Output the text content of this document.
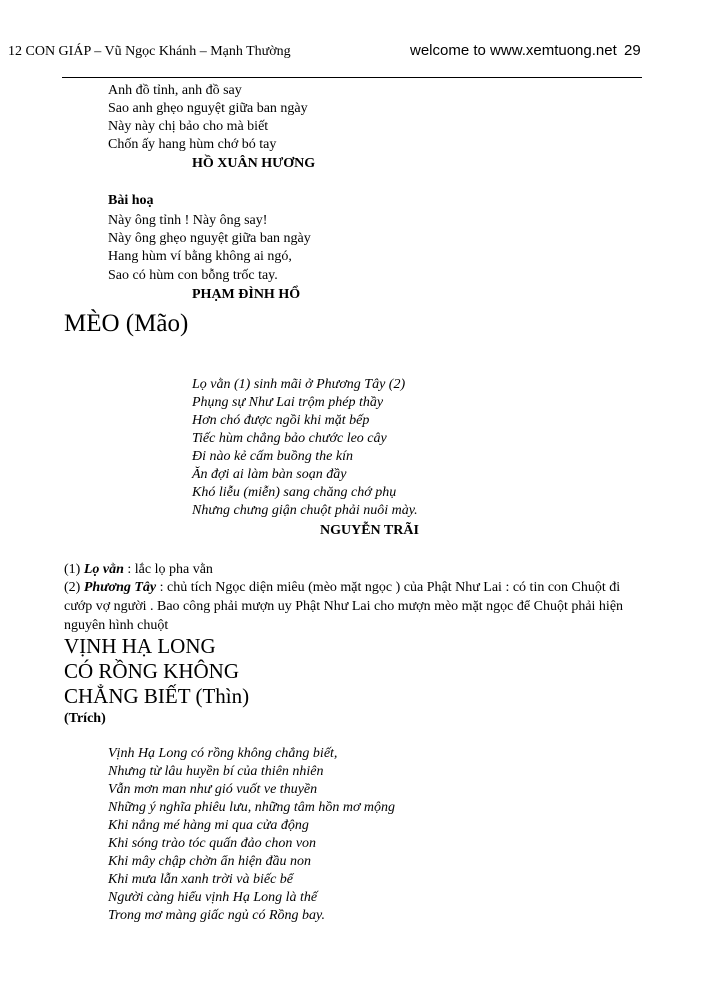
12 CON GIÁP – Vũ Ngọc Khánh – Mạnh Thường	welcome to www.xemtuong.net 29
Anh đồ tỉnh, anh đồ say
Sao anh ghẹo nguyệt giữa ban ngày
Này này chị bảo cho mà biết
Chốn ấy hang hùm chớ bó tay
HỒ XUÂN HƯƠNG
Bài hoạ
Này ông tỉnh ! Này ông say!
Này ông ghẹo nguyệt giữa ban ngày
Hang hùm ví bằng không ai ngó,
Sao có hùm con bỗng trốc tay.
PHẠM ĐÌNH HỔ
MÈO (Mão)
Lọ vằn (1) sinh mãi ở Phương Tây (2)
Phụng sự Như Lai trộm phép thầy
Hơn chó được ngồi khi mặt bếp
Tiếc hùm chẳng bảo chước leo cây
Đi nào kẻ cấm buồng the kín
Ăn đợi ai làm bàn soạn đầy
Khó liễu (miễn) sang chăng chớ phụ
Nhưng chưng giận chuột phải nuôi mày.
NGUYỄN TRÃI
(1) Lọ vằn : lắc lọ pha vằn
(2) Phương Tây : chủ tích Ngọc diện miêu (mèo mặt ngọc ) của Phật Như Lai : có tin con Chuột đi cướp vợ người . Bao công phải mượn uy Phật Như Lai cho mượn mèo mặt ngọc để Chuột phải hiện nguyên hình chuột
VỊNH HẠ LONG
CÓ RỒNG KHÔNG
CHẲNG BIẾT (Thìn)
(Trích)
Vịnh Hạ Long có rồng không chẳng biết,
Nhưng từ lâu huyền bí của thiên nhiên
Vẫn mơn man như gió vuốt ve thuyền
Những ý nghĩa phiêu lưu, những tâm hồn mơ mộng
Khi nắng mé hàng mi qua cửa động
Khi sóng trào tóc quấn đảo chon von
Khi mây chập chờn ẩn hiện đầu non
Khi mưa lẫn xanh trời và biếc bể
Người càng hiểu vịnh Hạ Long là thế
Trong mơ màng giấc ngủ có Rồng bay.
